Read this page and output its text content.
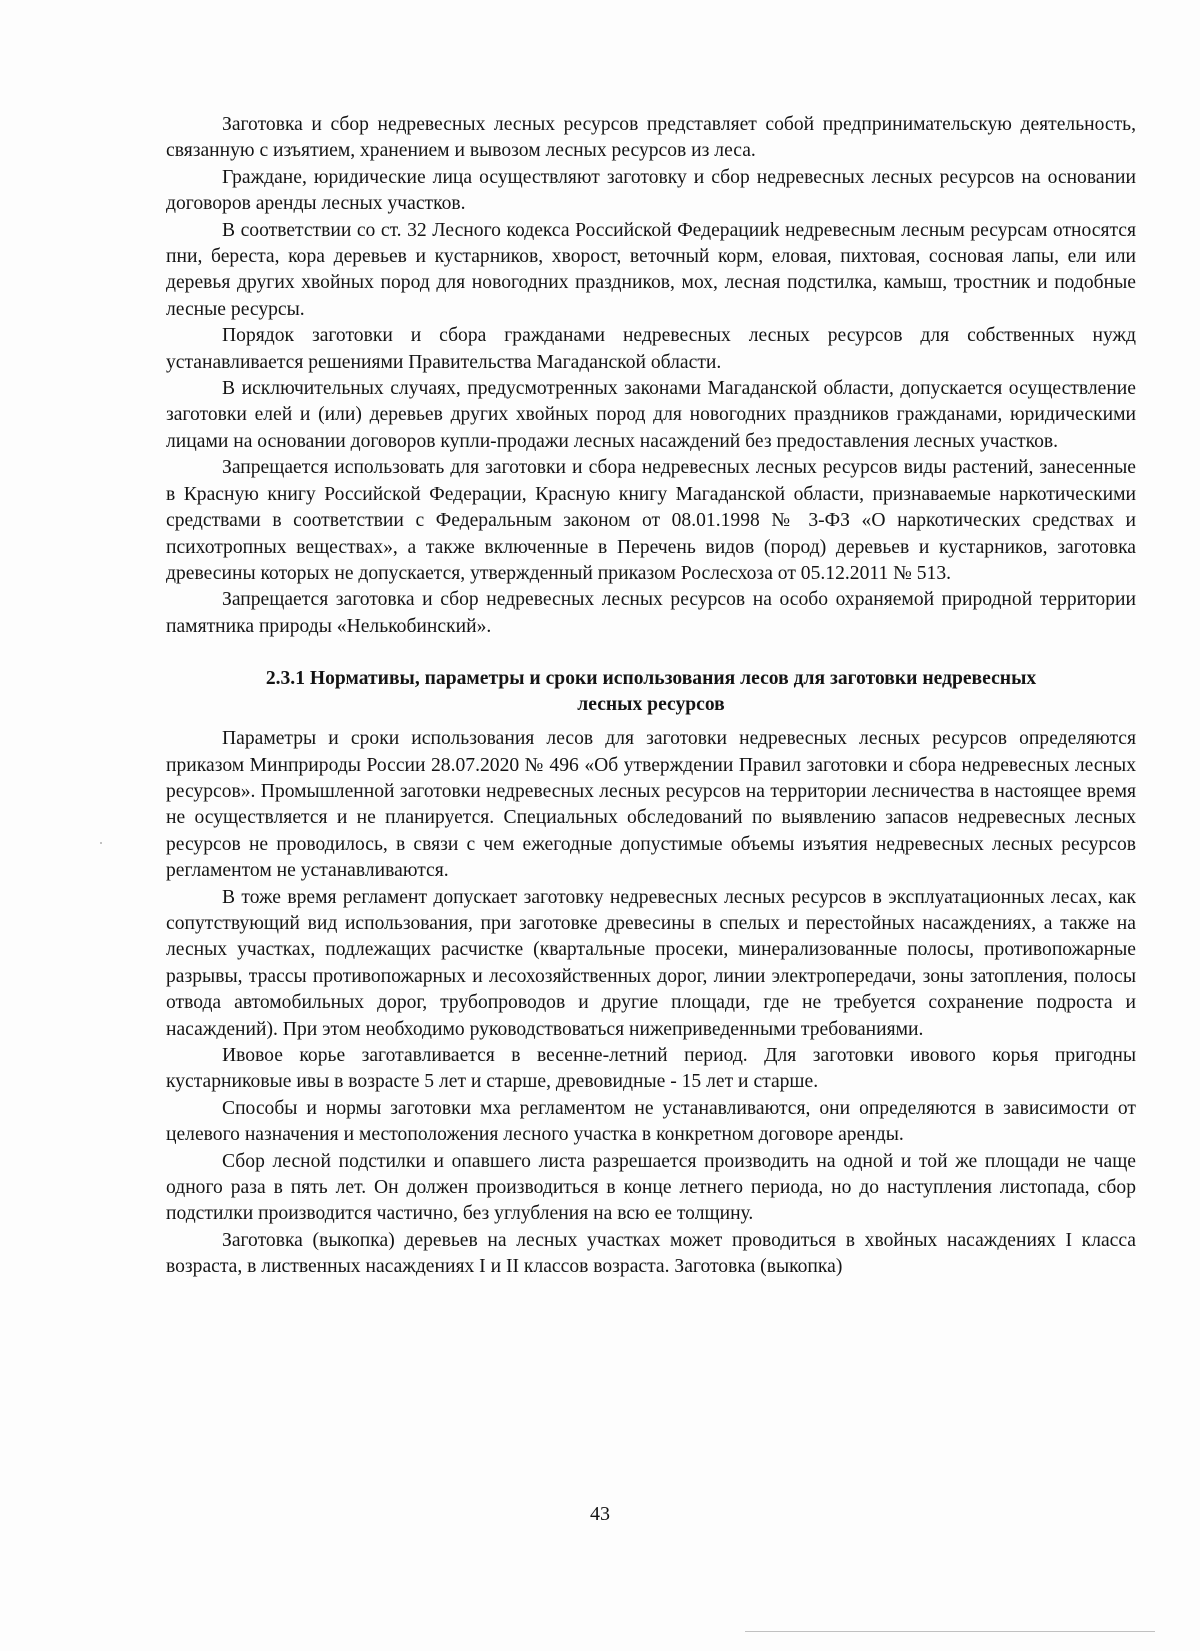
Заготовка и сбор недревесных лесных ресурсов представляет собой предпринимательскую деятельность, связанную с изъятием, хранением и вывозом лесных ресурсов из леса.

Граждане, юридические лица осуществляют заготовку и сбор недревесных лесных ресурсов на основании договоров аренды лесных участков.

В соответствии со ст. 32 Лесного кодекса Российской Федерацииk недревесным лесным ресурсам относятся пни, береста, кора деревьев и кустарников, хворост, веточный корм, еловая, пихтовая, сосновая лапы, ели или деревья других хвойных пород для новогодних праздников, мох, лесная подстилка, камыш, тростник и подобные лесные ресурсы.

Порядок заготовки и сбора гражданами недревесных лесных ресурсов для собственных нужд устанавливается решениями Правительства Магаданской области.

В исключительных случаях, предусмотренных законами Магаданской области, допускается осуществление заготовки елей и (или) деревьев других хвойных пород для новогодних праздников гражданами, юридическими лицами на основании договоров купли-продажи лесных насаждений без предоставления лесных участков.

Запрещается использовать для заготовки и сбора недревесных лесных ресурсов виды растений, занесенные в Красную книгу Российской Федерации, Красную книгу Магаданской области, признаваемые наркотическими средствами в соответствии с Федеральным законом от 08.01.1998 № 3-ФЗ «О наркотических средствах и психотропных веществах», а также включенные в Перечень видов (пород) деревьев и кустарников, заготовка древесины которых не допускается, утвержденный приказом Рослесхоза от 05.12.2011 № 513.

Запрещается заготовка и сбор недревесных лесных ресурсов на особо охраняемой природной территории памятника природы «Нелькобинский».

2.3.1 Нормативы, параметры и сроки использования лесов для заготовки недревесных
лесных ресурсов

Параметры и сроки использования лесов для заготовки недревесных лесных ресурсов определяются приказом Минприроды России 28.07.2020 № 496 «Об утверждении Правил заготовки и сбора недревесных лесных ресурсов». Промышленной заготовки недревесных лесных ресурсов на территории лесничества в настоящее время не осуществляется и не планируется. Специальных обследований по выявлению запасов недревесных лесных ресурсов не проводилось, в связи с чем ежегодные допустимые объемы изъятия недревесных лесных ресурсов регламентом не устанавливаются.

В тоже время регламент допускает заготовку недревесных лесных ресурсов в эксплуатационных лесах, как сопутствующий вид использования, при заготовке древесины в спелых и перестойных насаждениях, а также на лесных участках, подлежащих расчистке (квартальные просеки, минерализованные полосы, противопожарные разрывы, трассы противопожарных и лесохозяйственных дорог, линии электропередачи, зоны затопления, полосы отвода автомобильных дорог, трубопроводов и другие площади, где не требуется сохранение подроста и насаждений). При этом необходимо руководствоваться нижеприведенными требованиями.

Ивовое корье заготавливается в весенне-летний период. Для заготовки ивового корья пригодны кустарниковые ивы в возрасте 5 лет и старше, древовидные - 15 лет и старше.

Способы и нормы заготовки мха регламентом не устанавливаются, они определяются в зависимости от целевого назначения и местоположения лесного участка в конкретном договоре аренды.

Сбор лесной подстилки и опавшего листа разрешается производить на одной и той же площади не чаще одного раза в пять лет. Он должен производиться в конце летнего периода, но до наступления листопада, сбор подстилки производится частично, без углубления на всю ее толщину.

Заготовка (выкопка) деревьев на лесных участках может проводиться в хвойных насаждениях I класса возраста, в лиственных насаждениях I и II классов возраста. Заготовка (выкопка)

43
